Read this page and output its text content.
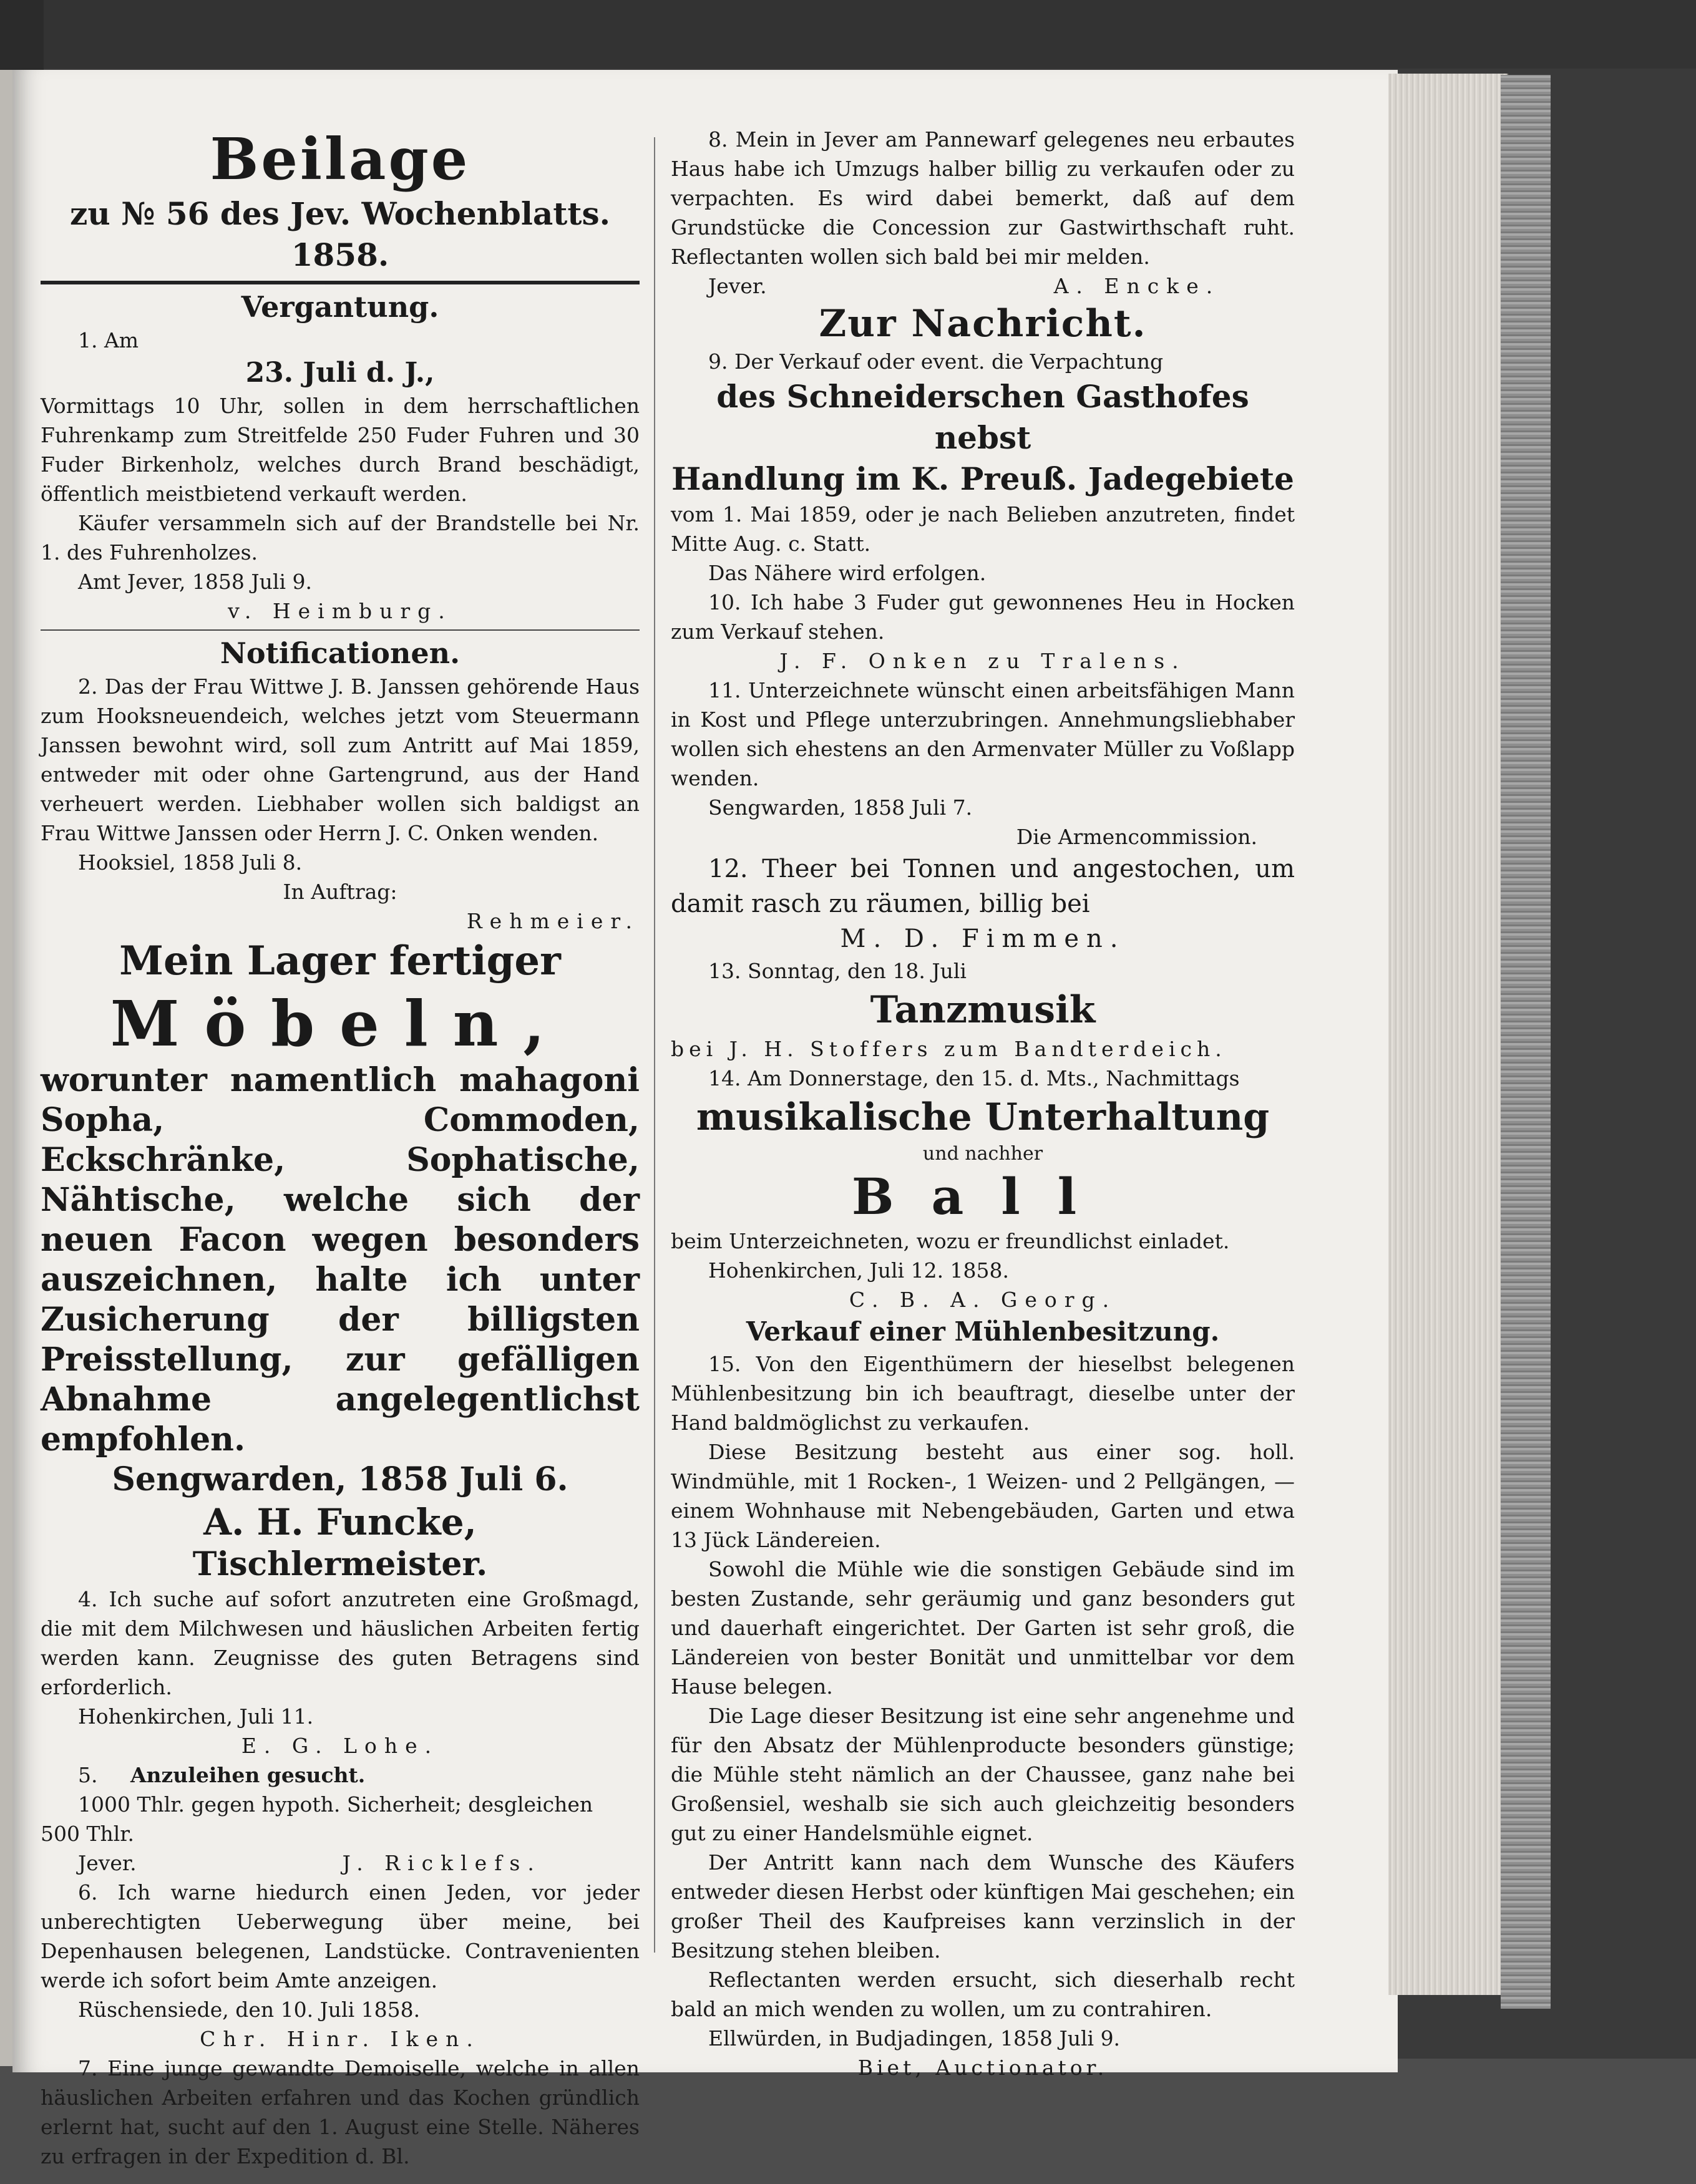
Beilage
zu № 56 des Jev. Wochenblatts. 1858.
Vergantung.

1. Am

23. Juli d. J.,

Vormittags 10 Uhr, sollen in dem herrschaftlichen Fuhrenkamp zum Streitfelde 250 Fuder Fuhren und 30 Fuder Birkenholz, welches durch Brand beschädigt, öffentlich meistbietend verkauft werden.

Käufer versammeln sich auf der Brandstelle bei Nr. 1. des Fuhrenholzes.

Amt Jever, 1858 Juli 9.

v. Heimburg.

Notificationen.

2. Das der Frau Wittwe J. B. Janssen gehörende Haus zum Hooksneuendeich, welches jetzt vom Steuermann Janssen bewohnt wird, soll zum Antritt auf Mai 1859, entweder mit oder ohne Gartengrund, aus der Hand verheuert werden. Liebhaber wollen sich baldigst an Frau Wittwe Janssen oder Herrn J. C. Onken wenden.

Hooksiel, 1858 Juli 8.

In Auftrag:

Rehmeier.

Mein Lager fertiger
Möbeln,

worunter namentlich mahagoni Sopha, Commoden, Eckschränke, Sophatische, Nähtische, welche sich der neuen Facon wegen besonders auszeichnen, halte ich unter Zusicherung der billigsten Preisstellung, zur gefälligen Abnahme angelegentlichst empfohlen.

Sengwarden, 1858 Juli 6.
A. H. Funcke,
Tischlermeister.

4. Ich suche auf sofort anzutreten eine Großmagd, die mit dem Milchwesen und häuslichen Arbeiten fertig werden kann. Zeugnisse des guten Betragens sind erforderlich.

Hohenkirchen, Juli 11.

E. G. Lohe.

5. Anzuleihen gesucht.

1000 Thlr. gegen hypoth. Sicherheit; desgleichen

500 Thlr.

Jever.	J. Ricklefs.

6. Ich warne hiedurch einen Jeden, vor jeder unberechtigten Ueberwegung über meine, bei Depenhausen belegenen, Landstücke. Contravenienten werde ich sofort beim Amte anzeigen.

Rüschensiede, den 10. Juli 1858.

Chr. Hinr. Iken.

7. Eine junge gewandte Demoiselle, welche in allen häuslichen Arbeiten erfahren und das Kochen gründlich erlernt hat, sucht auf den 1. August eine Stelle. Näheres zu erfragen in der Expedition d. Bl.

8. Mein in Jever am Pannewarf gelegenes neu erbautes Haus habe ich Umzugs halber billig zu verkaufen oder zu verpachten. Es wird dabei bemerkt, daß auf dem Grundstücke die Concession zur Gastwirthschaft ruht. Reflectanten wollen sich bald bei mir melden.

Jever.	A. Encke.

Zur Nachricht.

9. Der Verkauf oder event. die Verpachtung

des Schneiderschen Gasthofes nebst
Handlung im K. Preuß. Jadegebiete

vom 1. Mai 1859, oder je nach Belieben anzutreten, findet Mitte Aug. c. Statt.

Das Nähere wird erfolgen.

10. Ich habe 3 Fuder gut gewonnenes Heu in Hocken zum Verkauf stehen.

J. F. Onken zu Tralens.

11. Unterzeichnete wünscht einen arbeitsfähigen Mann in Kost und Pflege unterzubringen. Annehmungsliebhaber wollen sich ehestens an den Armenvater Müller zu Voßlapp wenden.

Sengwarden, 1858 Juli 7.

Die Armencommission.

12. Theer bei Tonnen und angestochen, um damit rasch zu räumen, billig bei

M. D. Fimmen.

13. Sonntag, den 18. Juli

Tanzmusik

bei J. H. Stoffers zum Bandterdeich.

14. Am Donnerstage, den 15. d. Mts., Nachmittags

musikalische Unterhaltung

und nachher

Ball

beim Unterzeichneten, wozu er freundlichst einladet.

Hohenkirchen, Juli 12. 1858.

C. B. A. Georg.

Verkauf einer Mühlenbesitzung.

15. Von den Eigenthümern der hieselbst belegenen Mühlenbesitzung bin ich beauftragt, dieselbe unter der Hand baldmöglichst zu verkaufen.

Diese Besitzung besteht aus einer sog. holl. Windmühle, mit 1 Rocken-, 1 Weizen- und 2 Pellgängen, — einem Wohnhause mit Nebengebäuden, Garten und etwa 13 Jück Ländereien.

Sowohl die Mühle wie die sonstigen Gebäude sind im besten Zustande, sehr geräumig und ganz besonders gut und dauerhaft eingerichtet. Der Garten ist sehr groß, die Ländereien von bester Bonität und unmittelbar vor dem Hause belegen.

Die Lage dieser Besitzung ist eine sehr angenehme und für den Absatz der Mühlenproducte besonders günstige; die Mühle steht nämlich an der Chaussee, ganz nahe bei Großensiel, weshalb sie sich auch gleichzeitig besonders gut zu einer Handelsmühle eignet.

Der Antritt kann nach dem Wunsche des Käufers entweder diesen Herbst oder künftigen Mai geschehen; ein großer Theil des Kaufpreises kann verzinslich in der Besitzung stehen bleiben.

Reflectanten werden ersucht, sich dieserhalb recht bald an mich wenden zu wollen, um zu contrahiren.

Ellwürden, in Budjadingen, 1858 Juli 9.

Biet, Auctionator.
